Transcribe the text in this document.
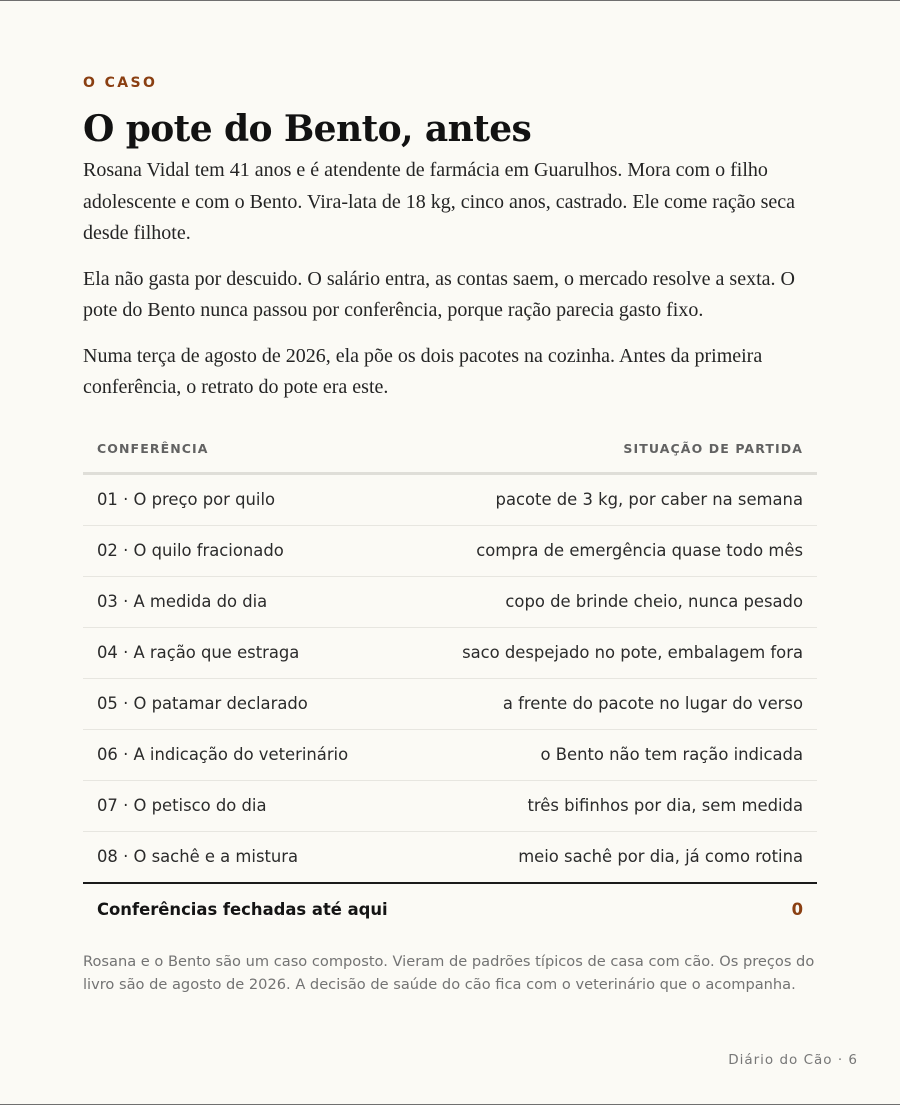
O CASO
O pote do Bento, antes

Rosana Vidal tem 41 anos e é atendente de farmácia em Guarulhos. Mora com o filho adolescente e com o Bento. Vira-lata de 18 kg, cinco anos, castrado. Ele come ração seca desde filhote.

Ela não gasta por descuido. O salário entra, as contas saem, o mercado resolve a sexta. O pote do Bento nunca passou por conferência, porque ração parecia gasto fixo.

Numa terça de agosto de 2026, ela põe os dois pacotes na cozinha. Antes da primeira conferência, o retrato do pote era este.

CONFERÊNCIA	SITUAÇÃO DE PARTIDA
01 · O preço por quilo	pacote de 3 kg, por caber na semana
02 · O quilo fracionado	compra de emergência quase todo mês
03 · A medida do dia	copo de brinde cheio, nunca pesado
04 · A ração que estraga	saco despejado no pote, embalagem fora
05 · O patamar declarado	a frente do pacote no lugar do verso
06 · A indicação do veterinário	o Bento não tem ração indicada
07 · O petisco do dia	três bifinhos por dia, sem medida
08 · O sachê e a mistura	meio sachê por dia, já como rotina
Conferências fechadas até aqui	0
Rosana e o Bento são um caso composto. Vieram de padrões típicos de casa com cão. Os preços do livro são de agosto de 2026. A decisão de saúde do cão fica com o veterinário que o acompanha.
Diário do Cão · 6
